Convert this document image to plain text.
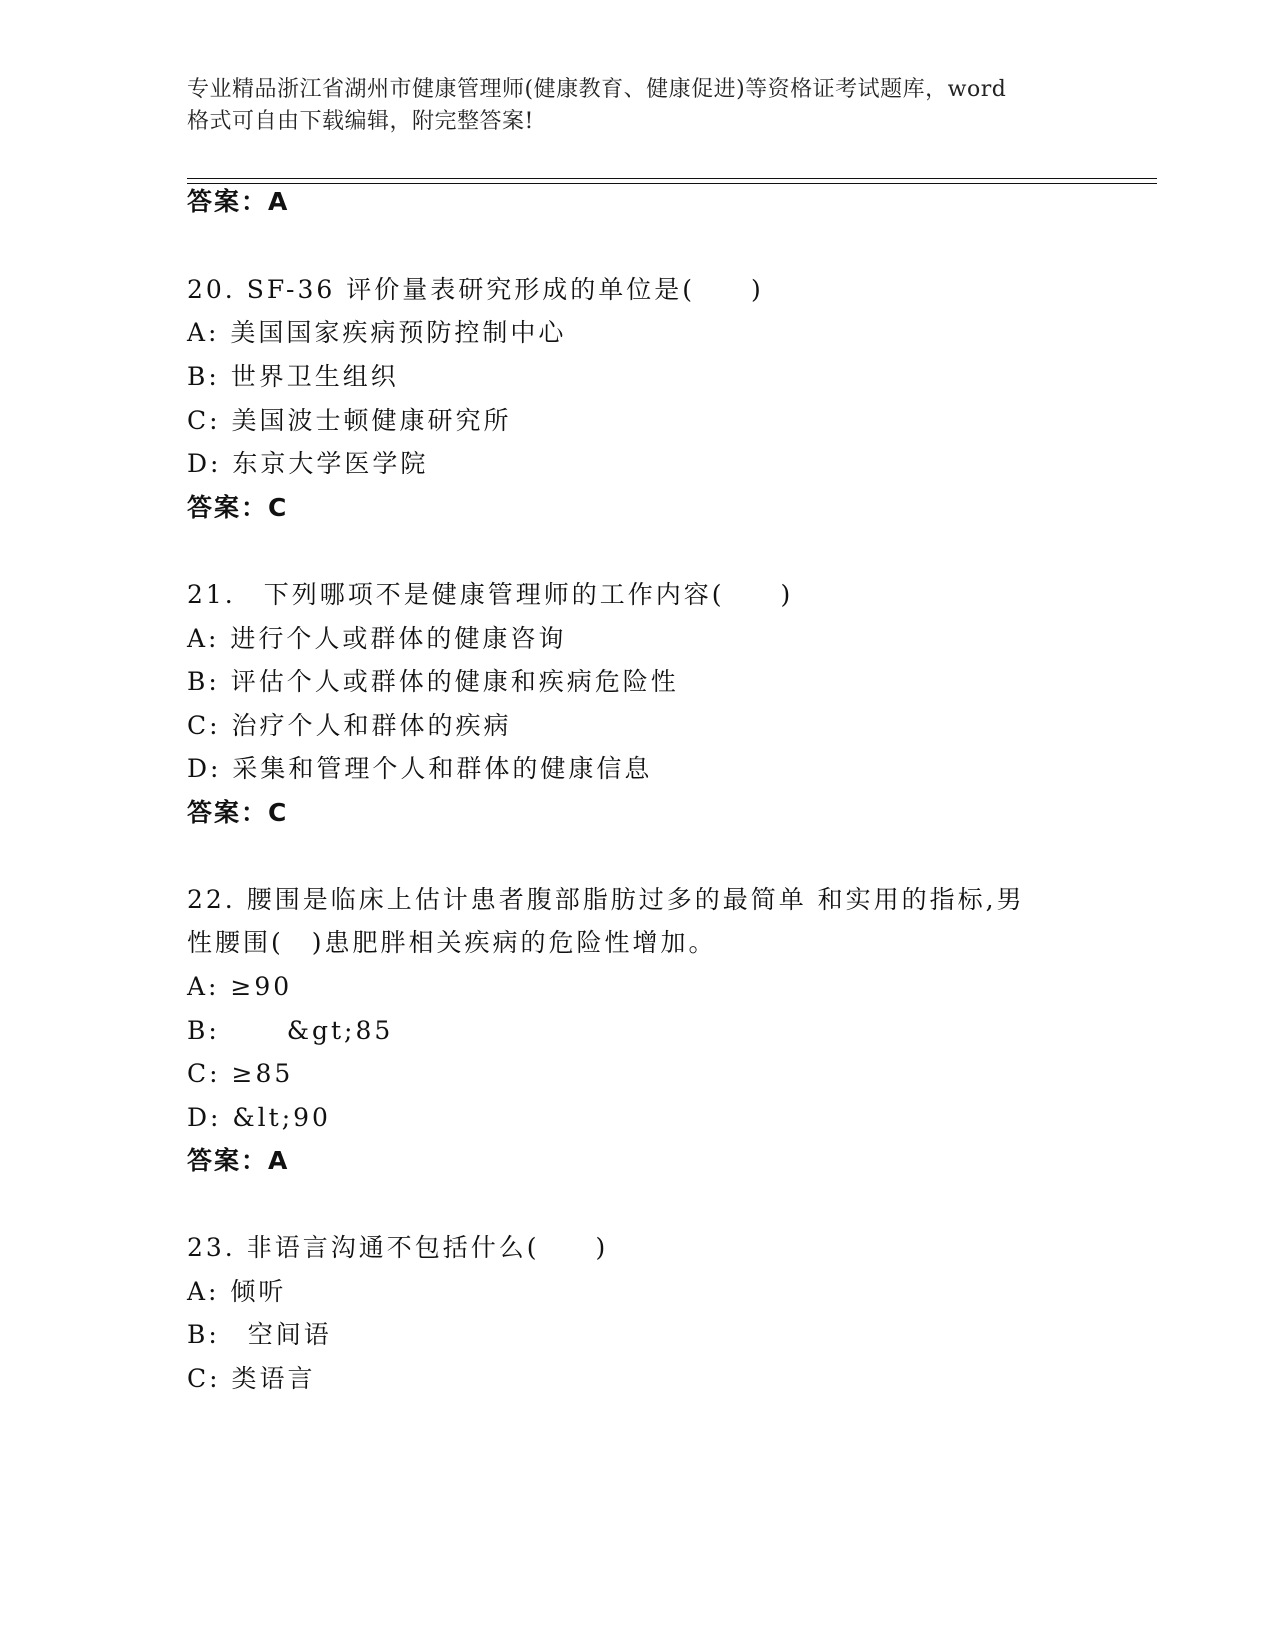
专业精品浙江省湖州市健康管理师(健康教育、健康促进)等资格证考试题库，word
格式可自由下载编辑，附完整答案!
答案：A
20. SF-36 评价量表研究形成的单位是(　　)
A: 美国国家疾病预防控制中心
B: 世界卫生组织
C: 美国波士顿健康研究所
D: 东京大学医学院
答案：C
21.　下列哪项不是健康管理师的工作内容(　　)
A: 进行个人或群体的健康咨询
B: 评估个人或群体的健康和疾病危险性
C: 治疗个人和群体的疾病
D: 采集和管理个人和群体的健康信息
答案：C
22. 腰围是临床上估计患者腹部脂肪过多的最简单 和实用的指标,男
性腰围(　)患肥胖相关疾病的危险性增加。
A: ≥90
B:　　 &gt;85
C: ≥85
D: &lt;90
答案：A
23. 非语言沟通不包括什么(　　)
A: 倾听
B:　空间语
C: 类语言
